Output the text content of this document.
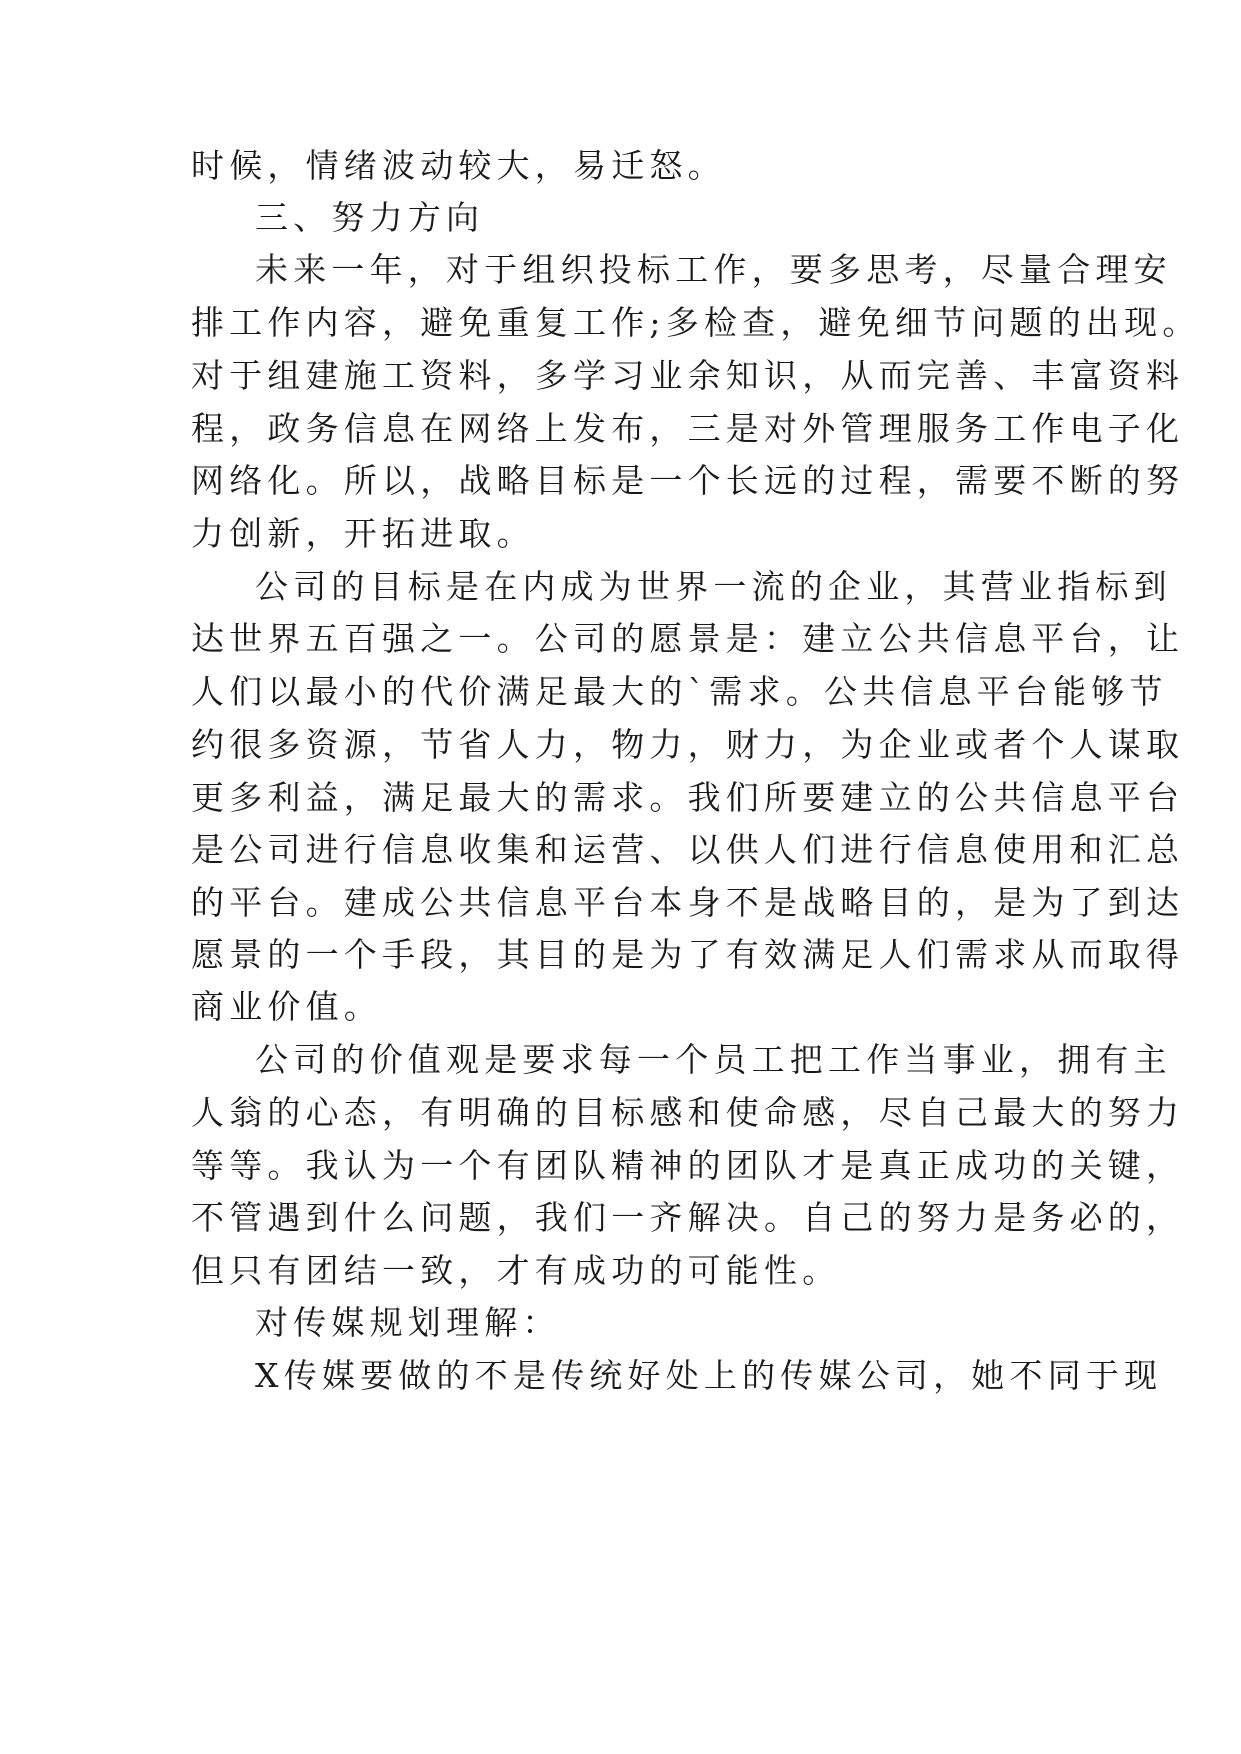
时候，情绪波动较大，易迁怒。
三、努力方向
未来一年，对于组织投标工作，要多思考，尽量合理安
排工作内容，避免重复工作;多检查，避免细节问题的出现。
对于组建施工资料，多学习业余知识，从而完善、丰富资料
程，政务信息在网络上发布，三是对外管理服务工作电子化
网络化。所以，战略目标是一个长远的过程，需要不断的努
力创新，开拓进取。
公司的目标是在内成为世界一流的企业，其营业指标到
达世界五百强之一。公司的愿景是：建立公共信息平台，让
人们以最小的代价满足最大的`需求。公共信息平台能够节
约很多资源，节省人力，物力，财力，为企业或者个人谋取
更多利益，满足最大的需求。我们所要建立的公共信息平台
是公司进行信息收集和运营、以供人们进行信息使用和汇总
的平台。建成公共信息平台本身不是战略目的，是为了到达
愿景的一个手段，其目的是为了有效满足人们需求从而取得
商业价值。
公司的价值观是要求每一个员工把工作当事业，拥有主
人翁的心态，有明确的目标感和使命感，尽自己最大的努力
等等。我认为一个有团队精神的团队才是真正成功的关键，
不管遇到什么问题，我们一齐解决。自己的努力是务必的，
但只有团结一致，才有成功的可能性。
对传媒规划理解：
X传媒要做的不是传统好处上的传媒公司，她不同于现
